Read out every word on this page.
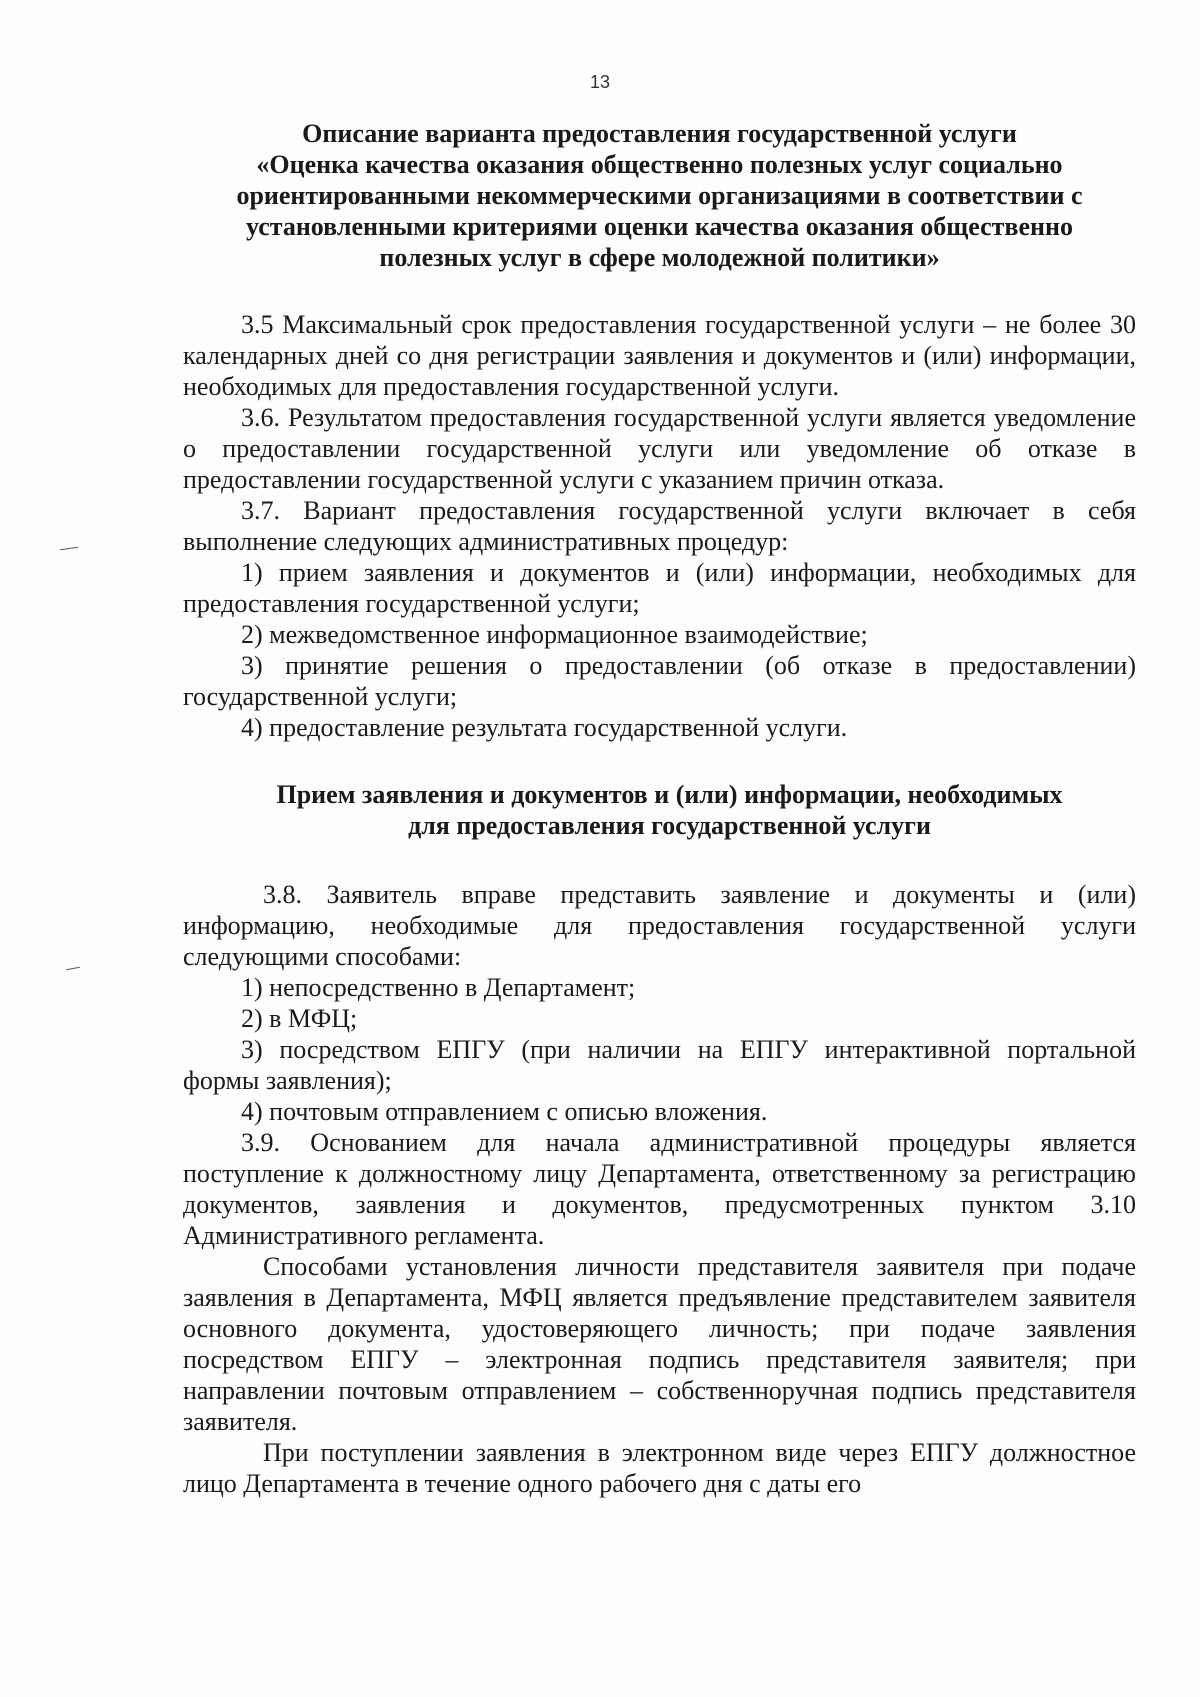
13
Описание варианта предоставления государственной услуги
«Оценка качества оказания общественно полезных услуг социально
ориентированными некоммерческими организациями в соответствии с
установленными критериями оценки качества оказания общественно
полезных услуг в сфере молодежной политики»

3.5 Максимальный срок предоставления государственной услуги – не более 30 календарных дней со дня регистрации заявления и документов и (или) информации, необходимых для предоставления государственной услуги.

3.6. Результатом предоставления государственной услуги является уведомление о предоставлении государственной услуги или уведомление об отказе в предоставлении государственной услуги с указанием причин отказа.

3.7. Вариант предоставления государственной услуги включает в себя выполнение следующих административных процедур:

1) прием заявления и документов и (или) информации, необходимых для предоставления государственной услуги;

2) межведомственное информационное взаимодействие;

3) принятие решения о предоставлении (об отказе в предоставлении) государственной услуги;

4) предоставление результата государственной услуги.

Прием заявления и документов и (или) информации, необходимых
для предоставления государственной услуги

3.8. Заявитель вправе представить заявление и документы и (или) информацию, необходимые для предоставления государственной услуги следующими способами:

1) непосредственно в Департамент;

2) в МФЦ;

3) посредством ЕПГУ (при наличии на ЕПГУ интерактивной портальной формы заявления);

4) почтовым отправлением с описью вложения.

3.9. Основанием для начала административной процедуры является поступление к должностному лицу Департамента, ответственному за регистрацию документов, заявления и документов, предусмотренных пунктом 3.10 Административного регламента.

Способами установления личности представителя заявителя при подаче заявления в Департамента, МФЦ является предъявление представителем заявителя основного документа, удостоверяющего личность; при подаче заявления посредством ЕПГУ – электронная подпись представителя заявителя; при направлении почтовым отправлением – собственноручная подпись представителя заявителя.

При поступлении заявления в электронном виде через ЕПГУ должностное лицо Департамента в течение одного рабочего дня с даты его
